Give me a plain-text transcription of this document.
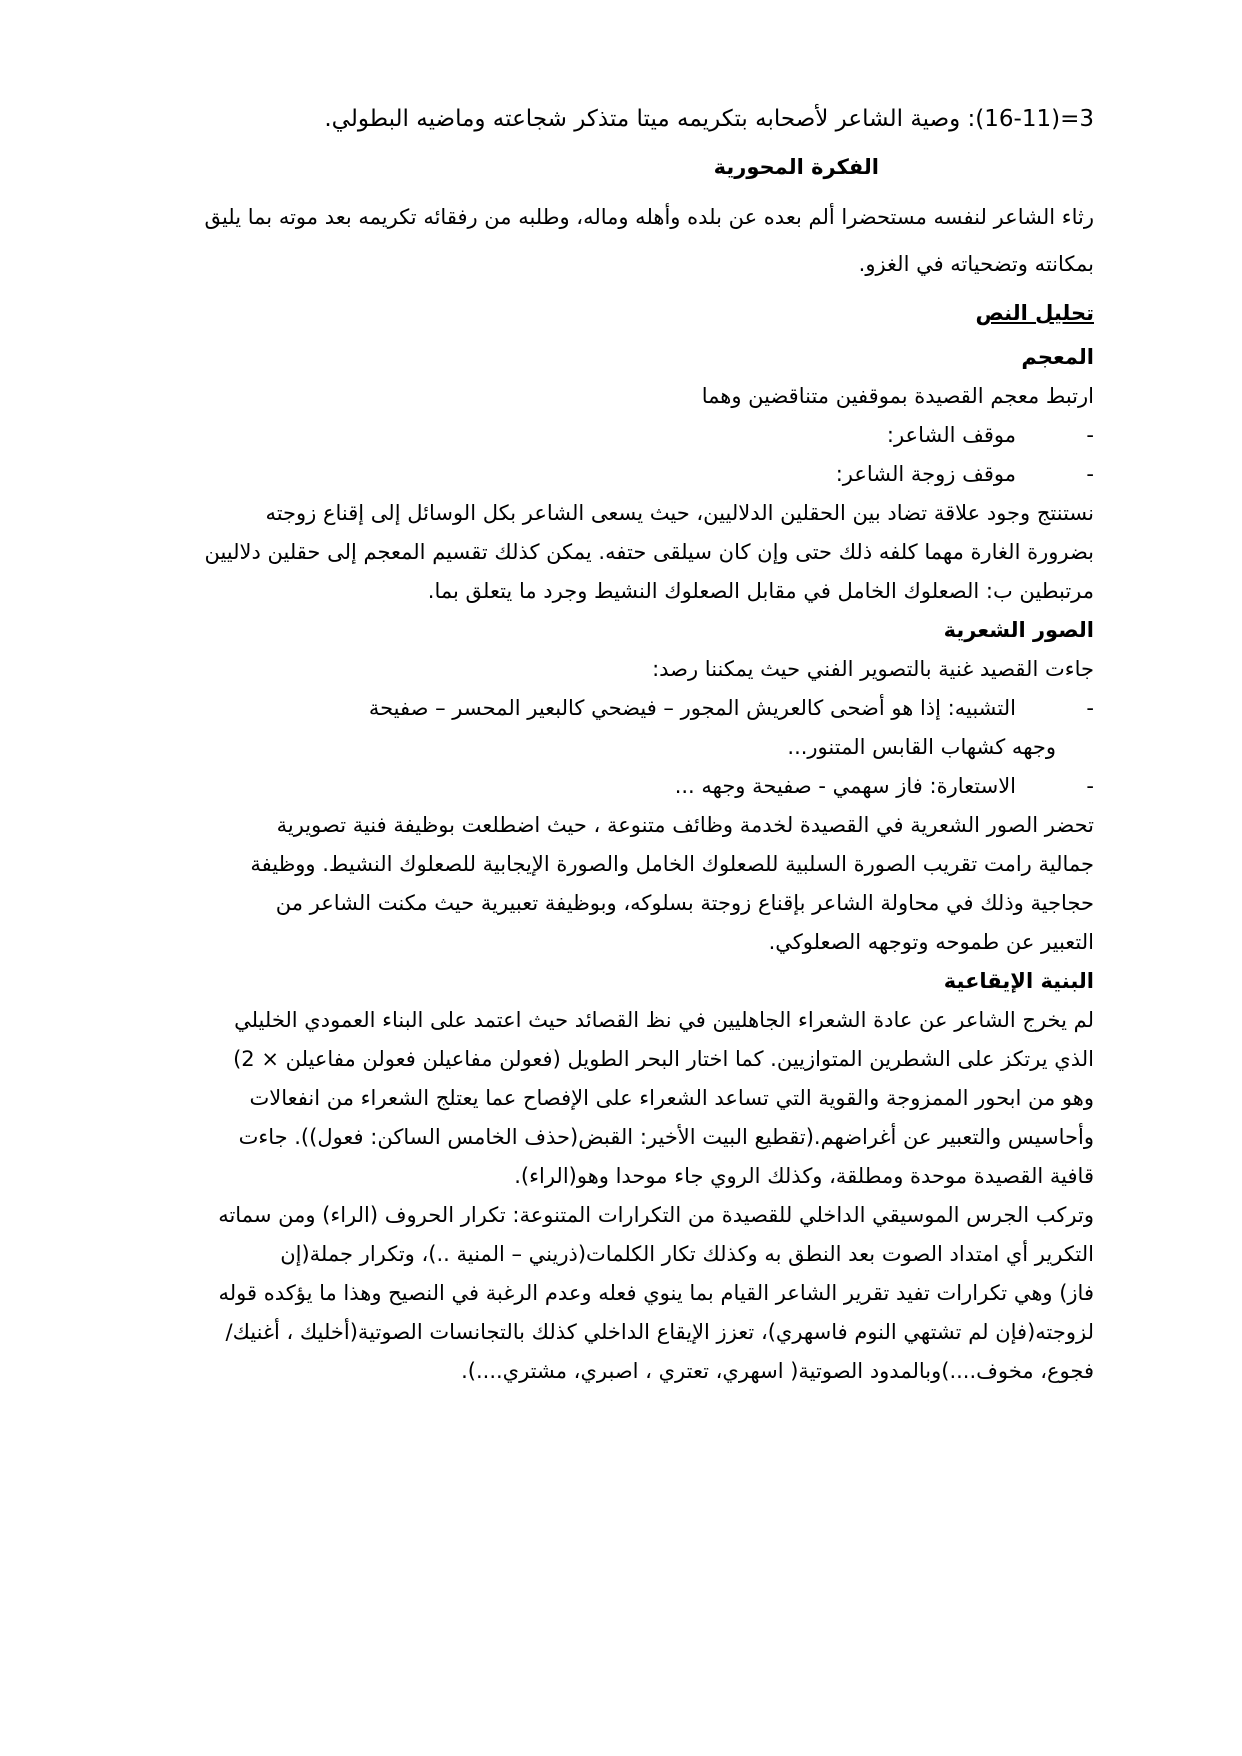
3=(16-11): وصية الشاعر لأصحابه بتكريمه ميتا متذكر شجاعته وماضيه البطولي.

الفكرة المحورية

رثاء الشاعر لنفسه مستحضرا ألم بعده عن بلده وأهله وماله، وطلبه من رفقائه تكريمه بعد موته بما يليق

بمكانته وتضحياته في الغزو.

تحليل النص

المعجم

ارتبط معجم القصيدة بموقفين متناقضين وهما

-
موقف الشاعر:

-
موقف زوجة الشاعر:

نستنتج وجود علاقة تضاد بين الحقلين الدلاليين، حيث يسعى الشاعر بكل الوسائل إلى إقناع زوجته

بضرورة الغارة مهما كلفه ذلك حتى وإن كان سيلقى حتفه. يمكن كذلك تقسيم المعجم إلى حقلين دلاليين

مرتبطين ب: الصعلوك الخامل في مقابل الصعلوك النشيط وجرد ما يتعلق بما.

الصور الشعرية

جاءت القصيد غنية بالتصوير الفني حيث يمكننا رصد:

-
التشبيه: إذا هو أضحى كالعريش المجور – فيضحي كالبعير المحسر – صفيحة

وجهه كشهاب القابس المتنور...

-
الاستعارة: فاز سهمي - صفيحة وجهه ...

تحضر الصور الشعرية في القصيدة لخدمة وظائف متنوعة ، حيث اضطلعت بوظيفة فنية تصويرية

جمالية رامت تقريب الصورة السلبية للصعلوك الخامل والصورة الإيجابية للصعلوك النشيط. ووظيفة

حجاجية وذلك في محاولة الشاعر بإقناع زوجتة بسلوكه، وبوظيفة تعبيرية حيث مكنت الشاعر من

التعبير عن طموحه وتوجهه الصعلوكي.

البنية الإيقاعية

لم يخرج الشاعر عن عادة الشعراء الجاهليين في نظ القصائد حيث اعتمد على البناء العمودي الخليلي

الذي يرتكز على الشطرين المتوازيين. كما اختار البحر الطويل (فعولن مفاعيلن فعولن مفاعيلن × 2)

وهو من ابحور الممزوجة والقوية التي تساعد الشعراء على الإفصاح عما يعتلج الشعراء من انفعالات

وأحاسيس والتعبير عن أغراضهم.(تقطيع البيت الأخير: القبض(حذف الخامس الساكن: فعول)). جاءت

قافية القصيدة موحدة ومطلقة، وكذلك الروي جاء موحدا وهو(الراء).

وتركب الجرس الموسيقي الداخلي للقصيدة من التكرارات المتنوعة: تكرار الحروف (الراء) ومن سماته

التكرير أي امتداد الصوت بعد النطق به وكذلك تكار الكلمات(ذريني – المنية ..)، وتكرار جملة(إن

فاز) وهي تكرارات تفيد تقرير الشاعر القيام بما ينوي فعله وعدم الرغبة في النصيح وهذا ما يؤكده قوله

لزوجته(فإن لم تشتهي النوم فاسهري)، تعزز الإيقاع الداخلي كذلك بالتجانسات الصوتية(أخليك ، أغنيك/

فجوع، مخوف....)وبالمدود الصوتية( اسهري، تعتري ، اصبري، مشتري....).
